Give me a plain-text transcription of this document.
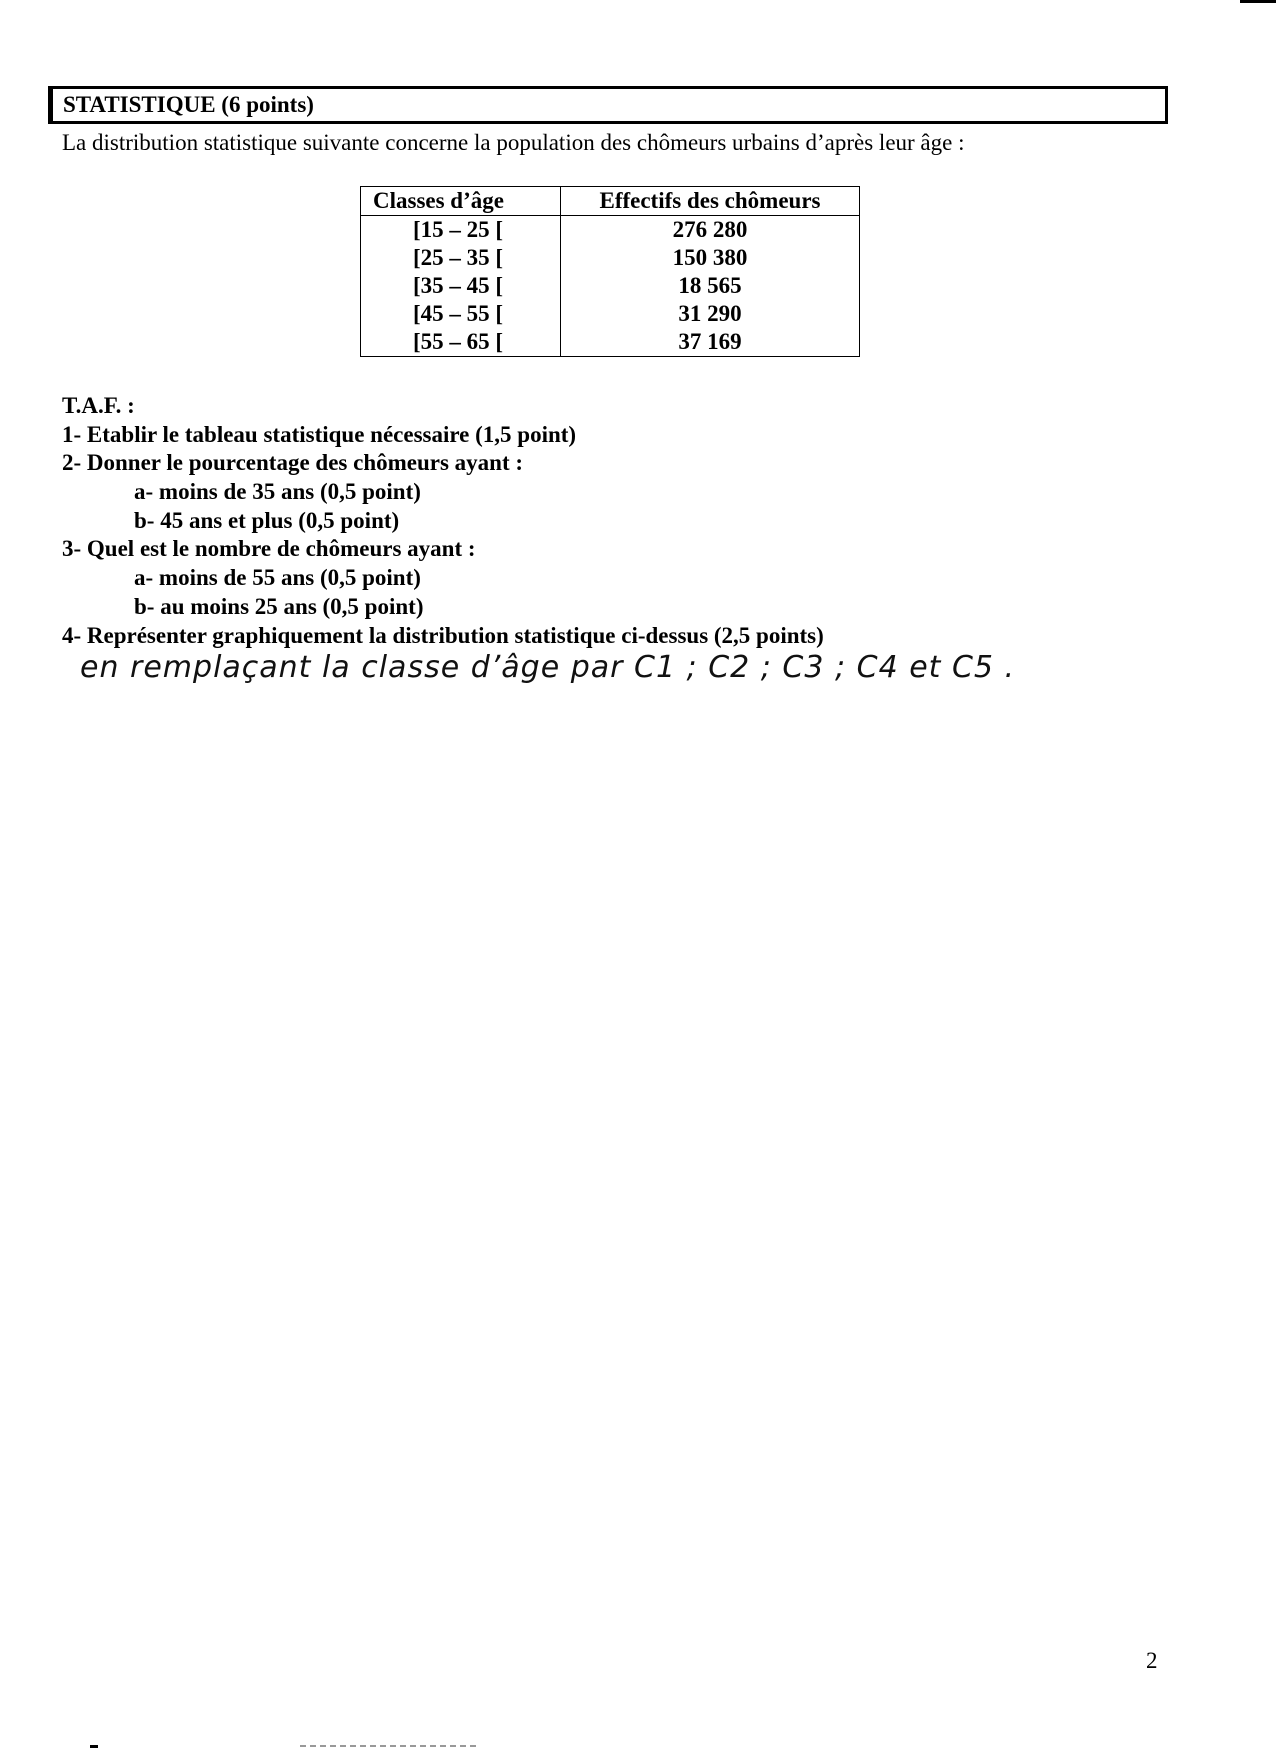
STATISTIQUE (6 points)
La distribution statistique suivante concerne la population des chômeurs urbains d’après leur âge :
Classes d’âge	Effectifs des chômeurs
[15 – 25 [	276 280
[25 – 35 [	150 380
[35 – 45 [	18 565
[45 – 55 [	31 290
[55 – 65 [	37 169
T.A.F. :
1- Etablir le tableau statistique nécessaire (1,5 point)
2- Donner le pourcentage des chômeurs ayant :
a- moins de 35 ans (0,5 point)
b- 45 ans et plus (0,5 point)
3- Quel est le nombre de chômeurs ayant :
a- moins de 55 ans (0,5 point)
b- au moins 25 ans (0,5 point)
4- Représenter graphiquement la distribution statistique ci-dessus (2,5 points)
en remplaçant la classe d’âge par C1 ; C2 ; C3 ; C4 et C5 .
2
